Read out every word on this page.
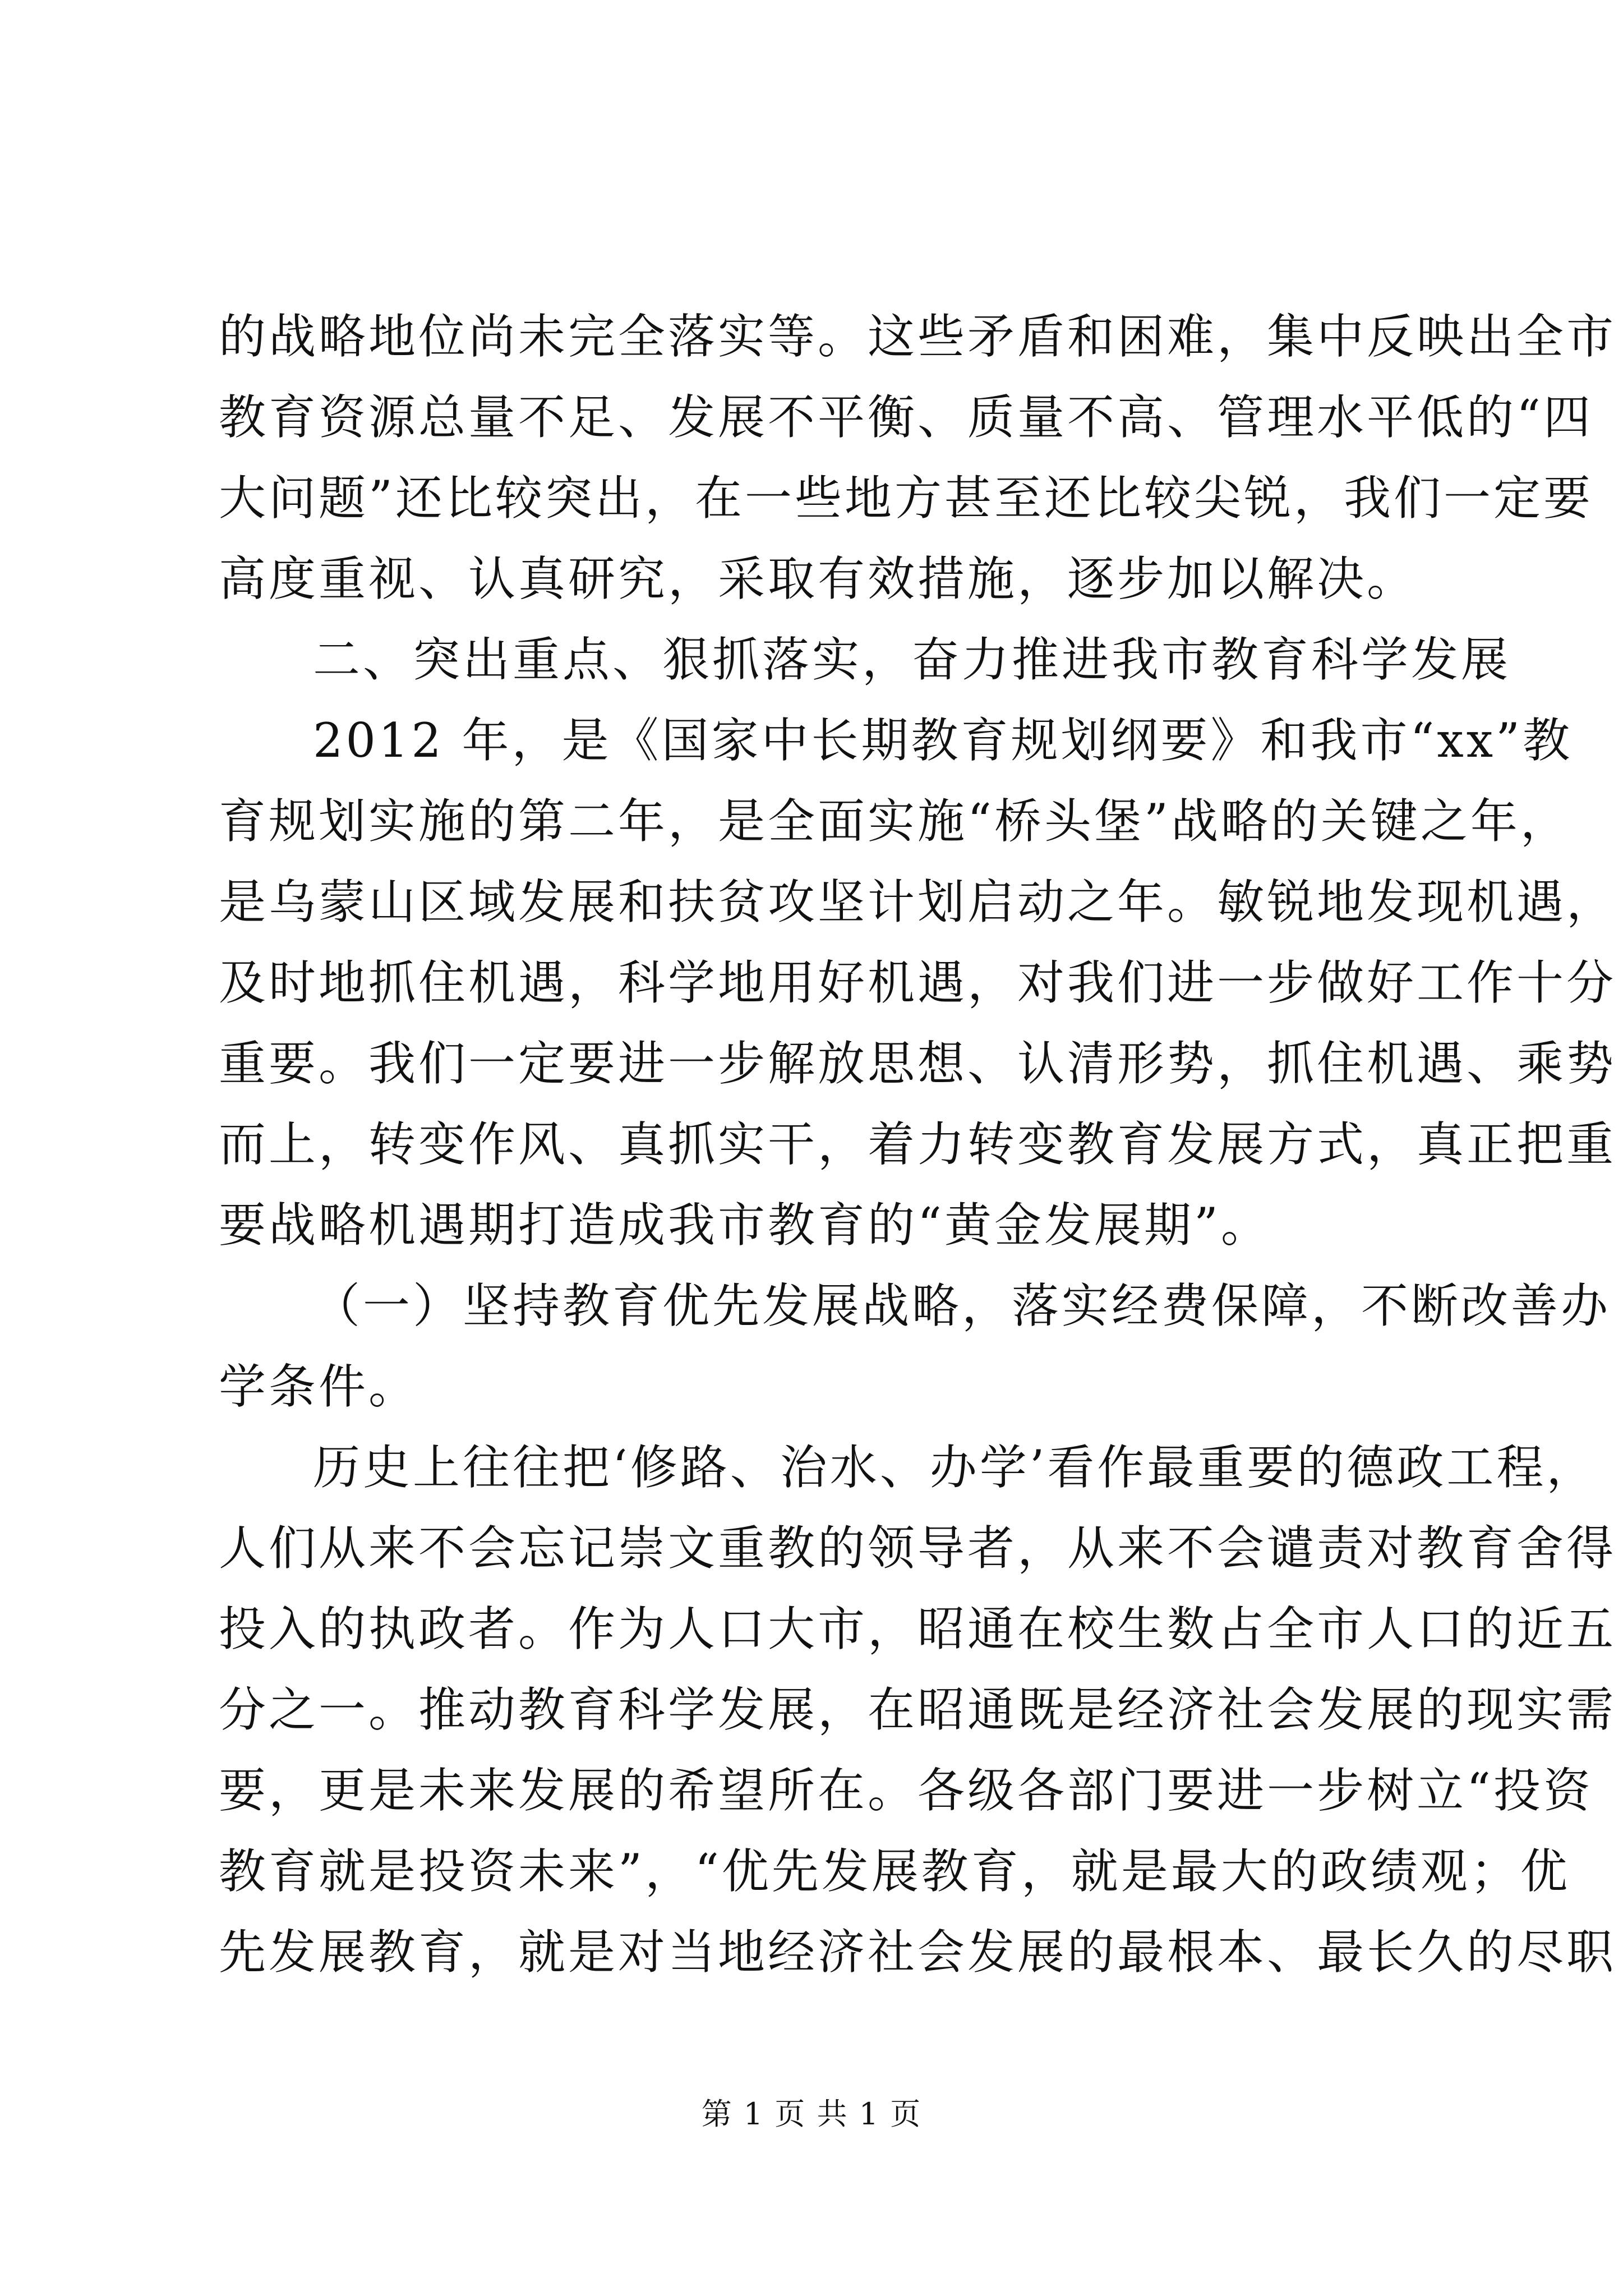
的战略地位尚未完全落实等。这些矛盾和困难，集中反映出全市
教育资源总量不足、发展不平衡、质量不高、管理水平低的“四
大问题”还比较突出，在一些地方甚至还比较尖锐，我们一定要
高度重视、认真研究，采取有效措施，逐步加以解决。
二、突出重点、狠抓落实，奋力推进我市教育科学发展
2012 年，是《国家中长期教育规划纲要》和我市“xx”教
育规划实施的第二年，是全面实施“桥头堡”战略的关键之年，
是乌蒙山区域发展和扶贫攻坚计划启动之年。敏锐地发现机遇，
及时地抓住机遇，科学地用好机遇，对我们进一步做好工作十分
重要。我们一定要进一步解放思想、认清形势，抓住机遇、乘势
而上，转变作风、真抓实干，着力转变教育发展方式，真正把重
要战略机遇期打造成我市教育的“黄金发展期”。
（一）坚持教育优先发展战略，落实经费保障，不断改善办
学条件。
历史上往往把‘修路、治水、办学’看作最重要的德政工程，
人们从来不会忘记崇文重教的领导者，从来不会谴责对教育舍得
投入的执政者。作为人口大市，昭通在校生数占全市人口的近五
分之一。推动教育科学发展，在昭通既是经济社会发展的现实需
要，更是未来发展的希望所在。各级各部门要进一步树立“投资
教育就是投资未来”，“优先发展教育，就是最大的政绩观；优
先发展教育，就是对当地经济社会发展的最根本、最长久的尽职
第 1 页 共 1 页
